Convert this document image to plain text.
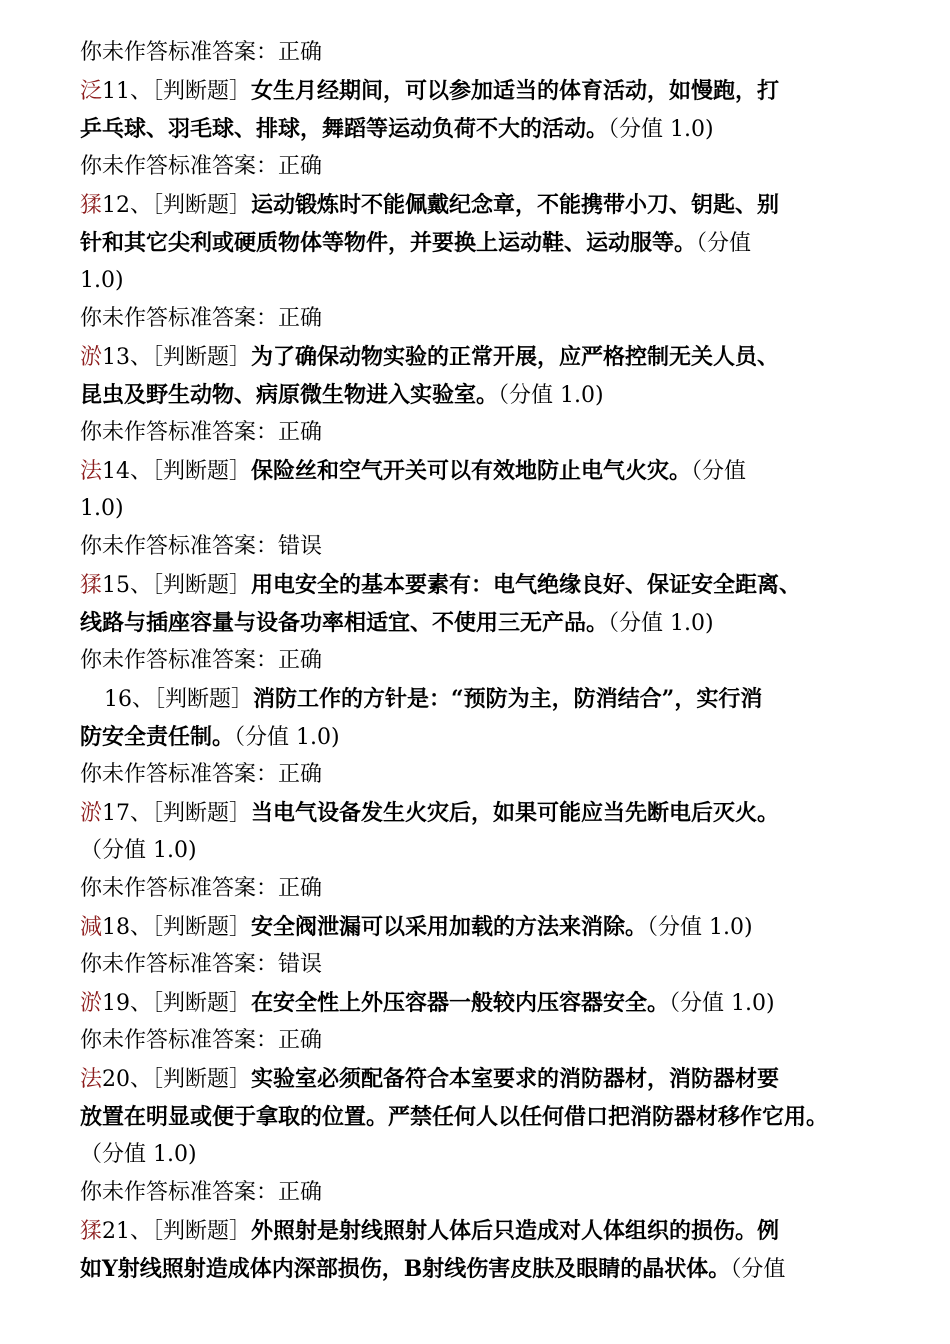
你未作答标准答案：正确
泛11、［判断题］女生月经期间，可以参加适当的体育活动，如慢跑，打
乒乓球、羽毛球、排球，舞蹈等运动负荷不大的活动。（分值 1.0)
你未作答标准答案：正确
猱12、［判断题］运动锻炼时不能佩戴纪念章，不能携带小刀、钥匙、别
针和其它尖利或硬质物体等物件，并要换上运动鞋、运动服等。（分值
1.0)
你未作答标准答案：正确
淤13、［判断题］为了确保动物实验的正常开展，应严格控制无关人员、
昆虫及野生动物、病原微生物进入实验室。（分值 1.0)
你未作答标准答案：正确
法14、［判断题］保险丝和空气开关可以有效地防止电气火灾。（分值
1.0)
你未作答标准答案：错误
猱15、［判断题］用电安全的基本要素有：电气绝缘良好、保证安全距离、
线路与插座容量与设备功率相适宜、不使用三无产品。（分值 1.0)
你未作答标准答案：正确
16、［判断题］消防工作的方针是：“预防为主，防消结合”，实行消
防安全责任制。（分值 1.0)
你未作答标准答案：正确
淤17、［判断题］当电气设备发生火灾后，如果可能应当先断电后灭火。
（分值 1.0)
你未作答标准答案：正确
減18、［判断题］安全阀泄漏可以采用加载的方法来消除。（分值 1.0)
你未作答标准答案：错误
淤19、［判断题］在安全性上外压容器一般较内压容器安全。（分值 1.0)
你未作答标准答案：正确
法20、［判断题］实验室必须配备符合本室要求的消防器材，消防器材要
放置在明显或便于拿取的位置。严禁任何人以任何借口把消防器材移作它用。
（分值 1.0)
你未作答标准答案：正确
猱21、［判断题］外照射是射线照射人体后只造成对人体组织的损伤。例
如Y射线照射造成体内深部损伤，B射线伤害皮肤及眼睛的晶状体。（分值
